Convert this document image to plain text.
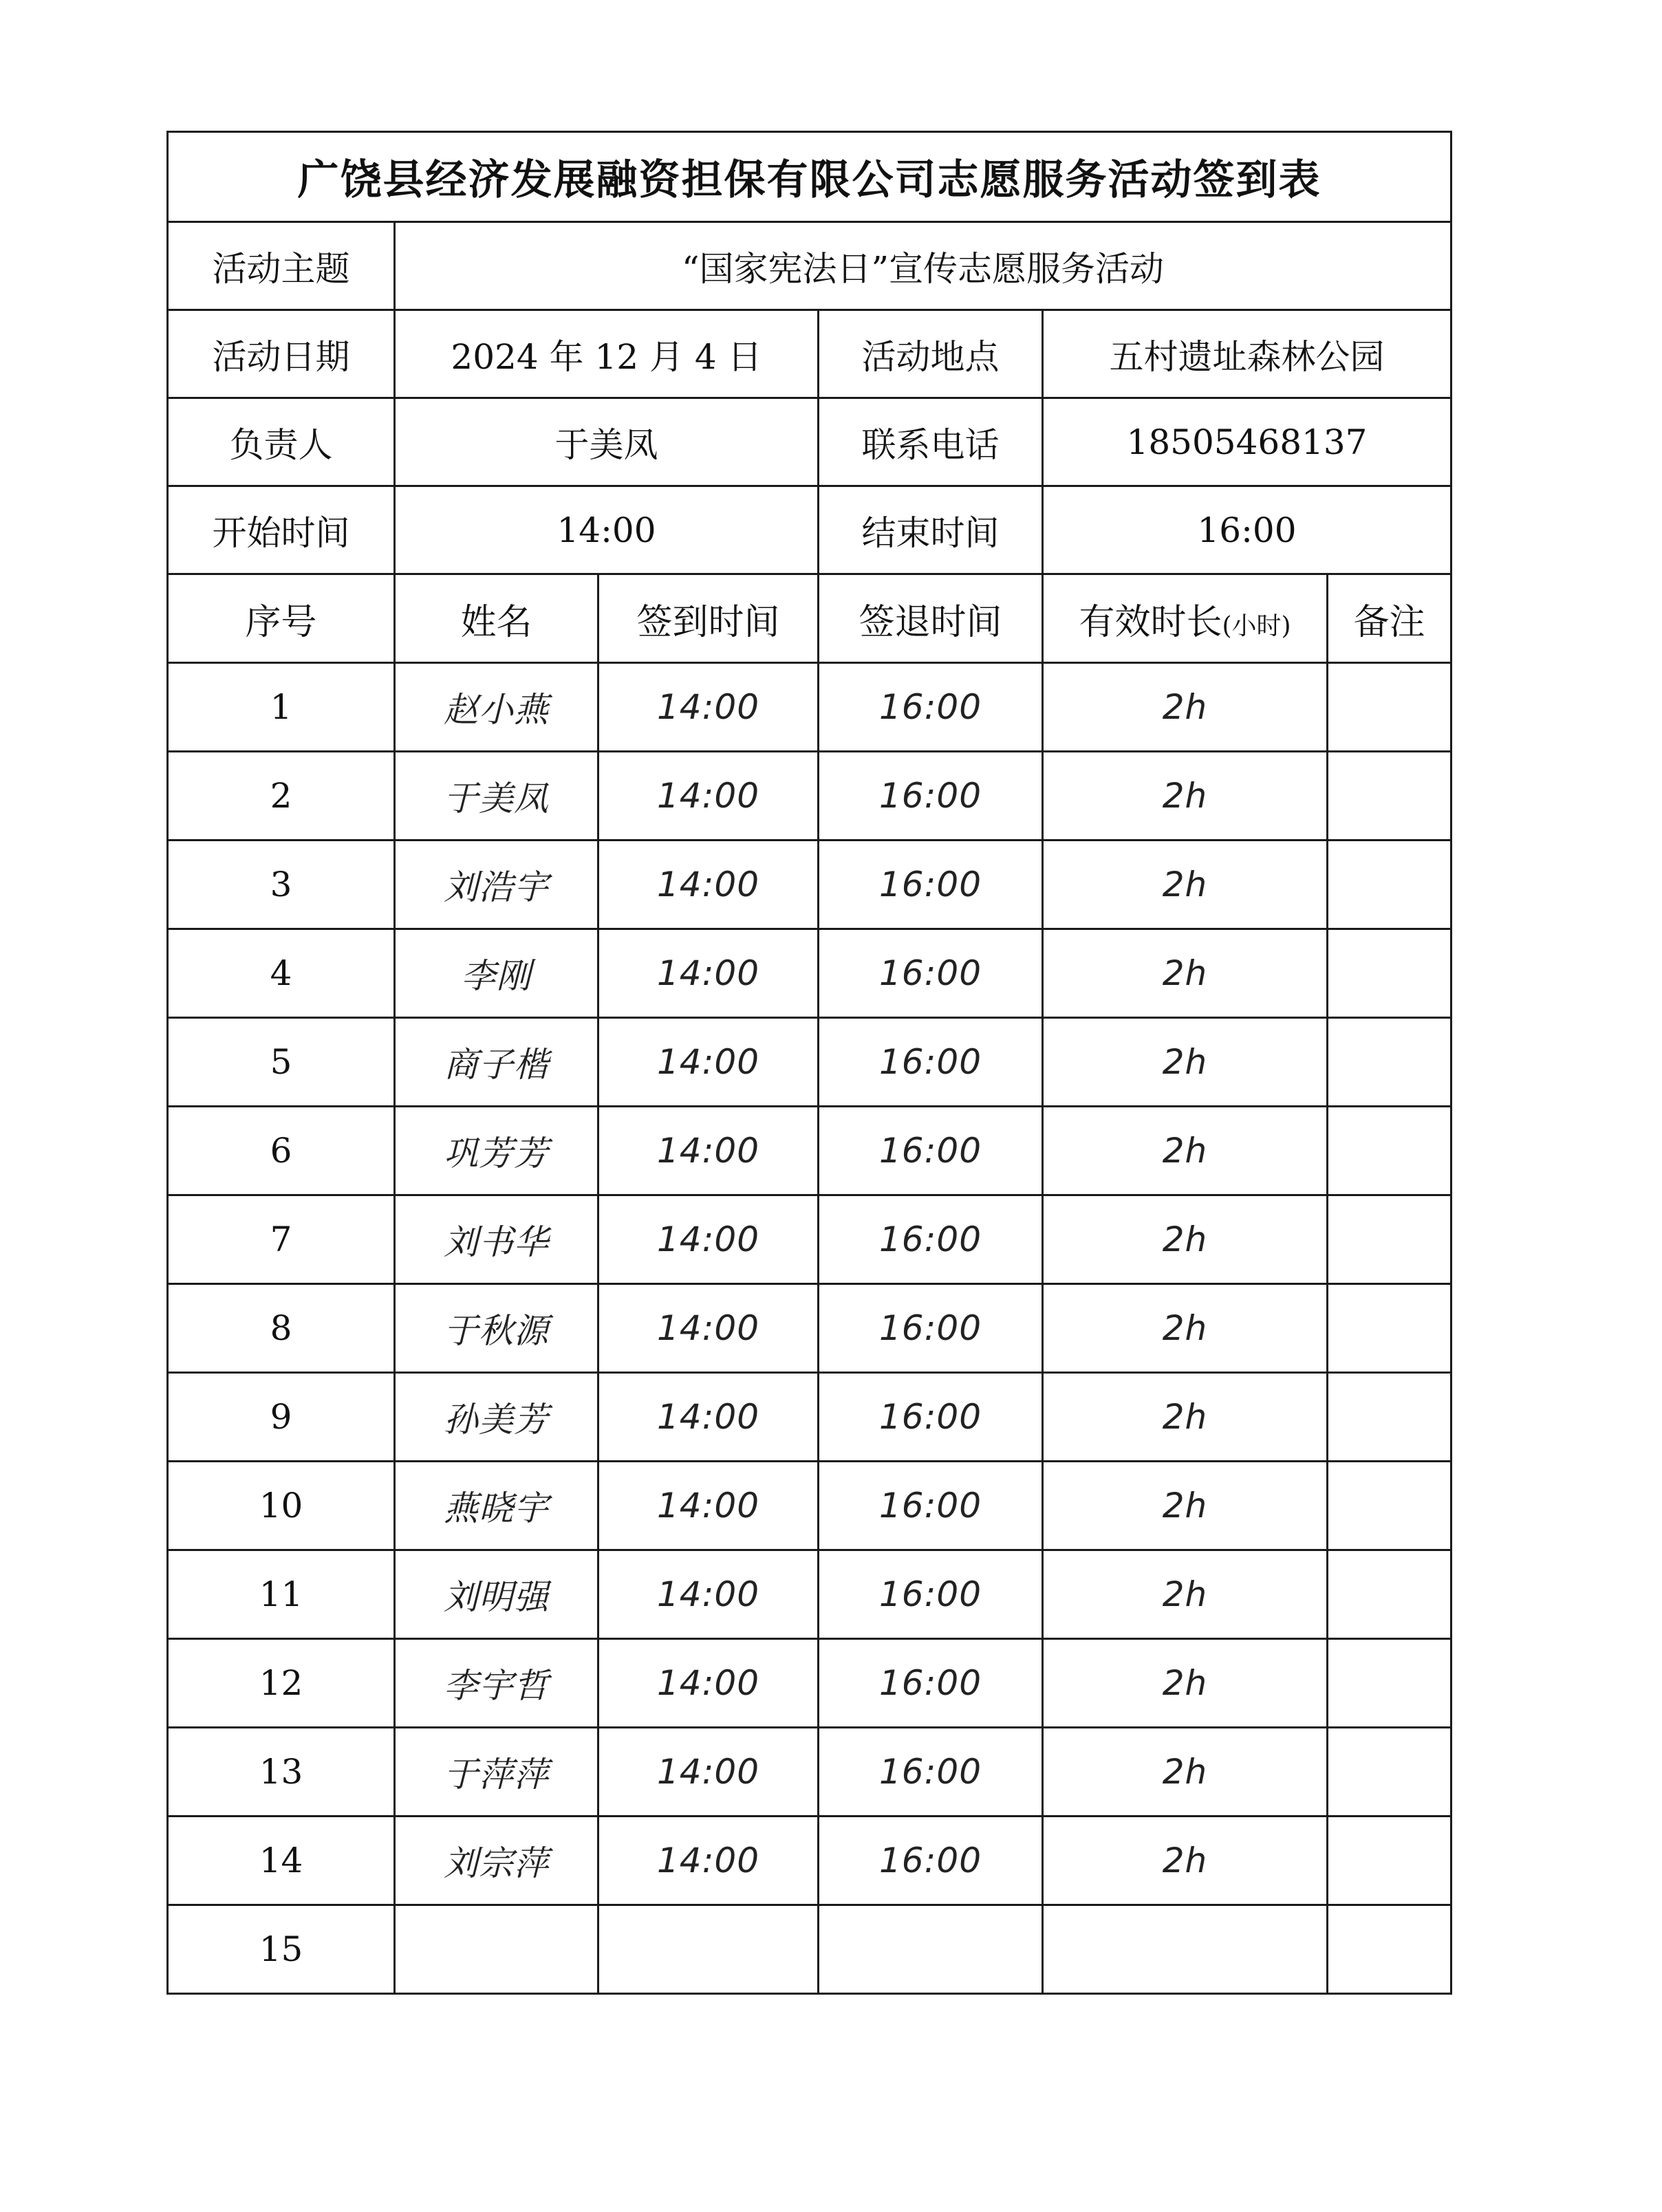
广饶县经济发展融资担保有限公司志愿服务活动签到表					
活动主题	“国家宪法日”宣传志愿服务活动				
活动日期	2024 年 12 月 4 日		活动地点	五村遗址森林公园	
负责人	于美凤		联系电话	18505468137	
开始时间	14:00		结束时间	16:00	
序号	姓名	签到时间	签退时间	有效时长(小时)	备注
1	赵小燕	14:00	16:00	2h	
2	于美凤	14:00	16:00	2h	
3	刘浩宇	14:00	16:00	2h	
4	李刚	14:00	16:00	2h	
5	商子楷	14:00	16:00	2h	
6	巩芳芳	14:00	16:00	2h	
7	刘书华	14:00	16:00	2h	
8	于秋源	14:00	16:00	2h	
9	孙美芳	14:00	16:00	2h	
10	燕晓宇	14:00	16:00	2h	
11	刘明强	14:00	16:00	2h	
12	李宇哲	14:00	16:00	2h	
13	于萍萍	14:00	16:00	2h	
14	刘宗萍	14:00	16:00	2h	
15					
